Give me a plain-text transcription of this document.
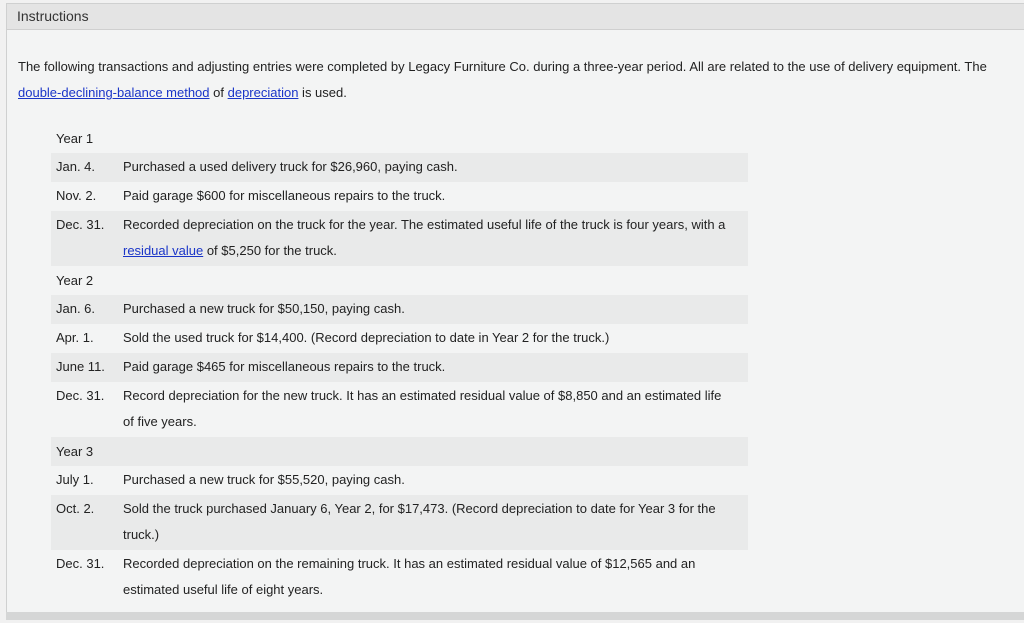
Instructions
The following transactions and adjusting entries were completed by Legacy Furniture Co. during a three-year period. All are related to the use of delivery equipment. The
double-declining-balance method of depreciation is used.
Year 1
Jan. 4.	Purchased a used delivery truck for $26,960, paying cash.
Nov. 2.	Paid garage $600 for miscellaneous repairs to the truck.
Dec. 31.	Recorded depreciation on the truck for the year. The estimated useful life of the truck is four years, with a residual value of $5,250 for the truck.
Year 2
Jan. 6.	Purchased a new truck for $50,150, paying cash.
Apr. 1.	Sold the used truck for $14,400. (Record depreciation to date in Year 2 for the truck.)
June 11.	Paid garage $465 for miscellaneous repairs to the truck.
Dec. 31.	Record depreciation for the new truck. It has an estimated residual value of $8,850 and an estimated life of five years.
Year 3
July 1.	Purchased a new truck for $55,520, paying cash.
Oct. 2.	Sold the truck purchased January 6, Year 2, for $17,473. (Record depreciation to date for Year 3 for the truck.)
Dec. 31.	Recorded depreciation on the remaining truck. It has an estimated residual value of $12,565 and an estimated useful life of eight years.
